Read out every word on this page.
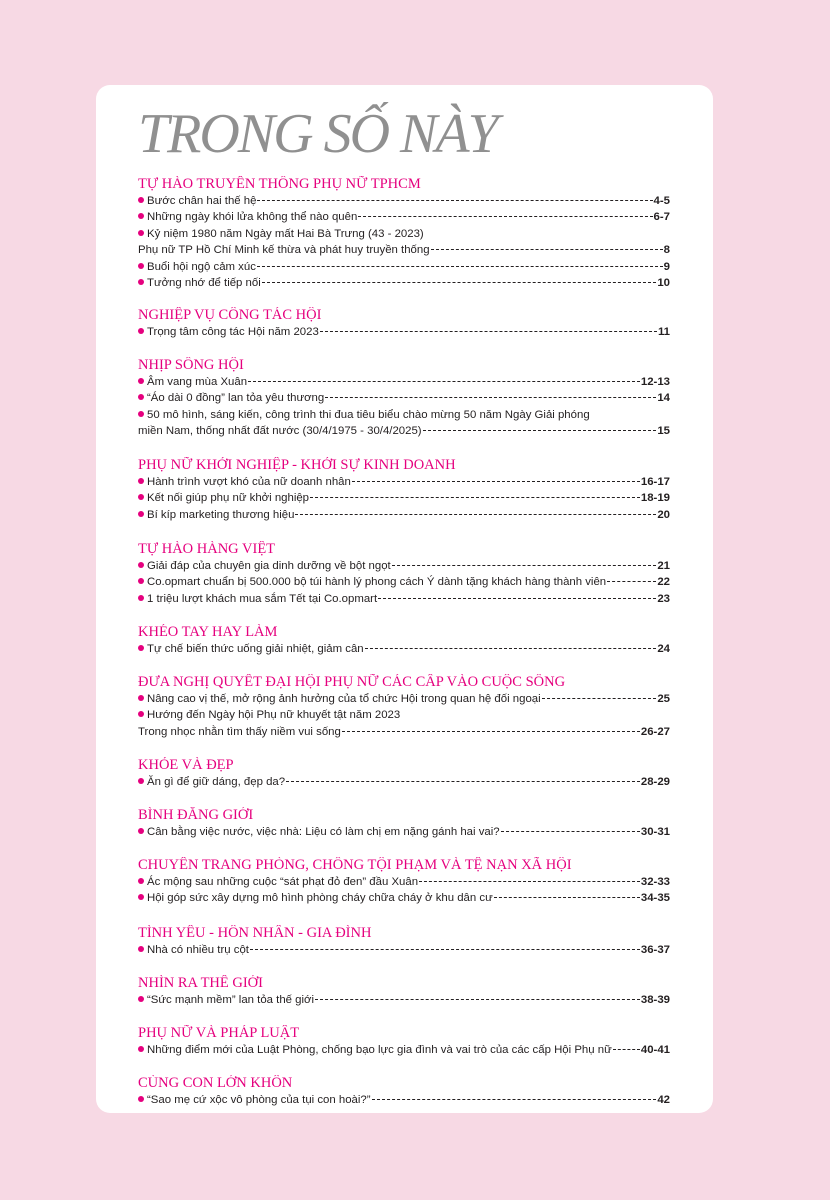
TRONG SỐ NÀY
TỰ HÀO TRUYỀN THỐNG PHỤ NỮ TPHCM
Bước chân hai thế hệ	4-5
Những ngày khói lửa không thể nào quên	6-7
Kỷ niệm 1980 năm Ngày mất Hai Bà Trưng (43 - 2023)
Phụ nữ TP Hồ Chí Minh kế thừa và phát huy truyền thống	8
Buổi hội ngộ cảm xúc	9
Tưởng nhớ để tiếp nối	10
NGHIỆP VỤ CÔNG TÁC HỘI
Trọng tâm công tác Hội năm 2023	11
NHỊP SỐNG HỘI
Âm vang mùa Xuân	12-13
“Áo dài 0 đồng” lan tỏa yêu thương	14
50 mô hình, sáng kiến, công trình thi đua tiêu biểu chào mừng 50 năm Ngày Giải phóng
miền Nam, thống nhất đất nước (30/4/1975 - 30/4/2025)	15
PHỤ NỮ KHỞI NGHIỆP - KHỞI SỰ KINH DOANH
Hành trình vượt khó của nữ doanh nhân	16-17
Kết nối giúp phụ nữ khởi nghiệp	18-19
Bí kíp marketing thương hiệu	20
TỰ HÀO HÀNG VIỆT
Giải đáp của chuyên gia dinh dưỡng về bột ngọt	21
Co.opmart chuẩn bị 500.000 bộ túi hành lý phong cách Ý dành tặng khách hàng thành viên	22
1 triệu lượt khách mua sắm Tết tại Co.opmart	23
KHÉO TAY HAY LÀM
Tự chế biến thức uống giải nhiệt, giảm cân	24
ĐƯA NGHỊ QUYẾT ĐẠI HỘI PHỤ NỮ CÁC CẤP VÀO CUỘC SỐNG
Nâng cao vị thế, mở rộng ảnh hưởng của tổ chức Hội trong quan hệ đối ngoại	25
Hướng đến Ngày hội Phụ nữ khuyết tật năm 2023
Trong nhọc nhằn tìm thấy niềm vui sống	26-27
KHỎE VÀ ĐẸP
Ăn gì để giữ dáng, đẹp da?	28-29
BÌNH ĐẲNG GIỚI
Cân bằng việc nước, việc nhà: Liệu có làm chị em nặng gánh hai vai?	30-31
CHUYÊN TRANG PHÒNG, CHỐNG TỘI PHẠM VÀ TỆ NẠN XÃ HỘI
Ác mộng sau những cuộc “sát phạt đỏ đen” đầu Xuân	32-33
Hội góp sức xây dựng mô hình phòng cháy chữa cháy ở khu dân cư	34-35
TÌNH YÊU - HÔN NHÂN - GIA ĐÌNH
Nhà có nhiều trụ cột	36-37
NHÌN RA THẾ GIỚI
“Sức mạnh mềm” lan tỏa thế giới	38-39
PHỤ NỮ VÀ PHÁP LUẬT
Những điểm mới của Luật Phòng, chống bạo lực gia đình và vai trò của các cấp Hội Phụ nữ	40-41
CÙNG CON LỚN KHÔN
“Sao mẹ cứ xộc vô phòng của tụi con hoài?”	42
